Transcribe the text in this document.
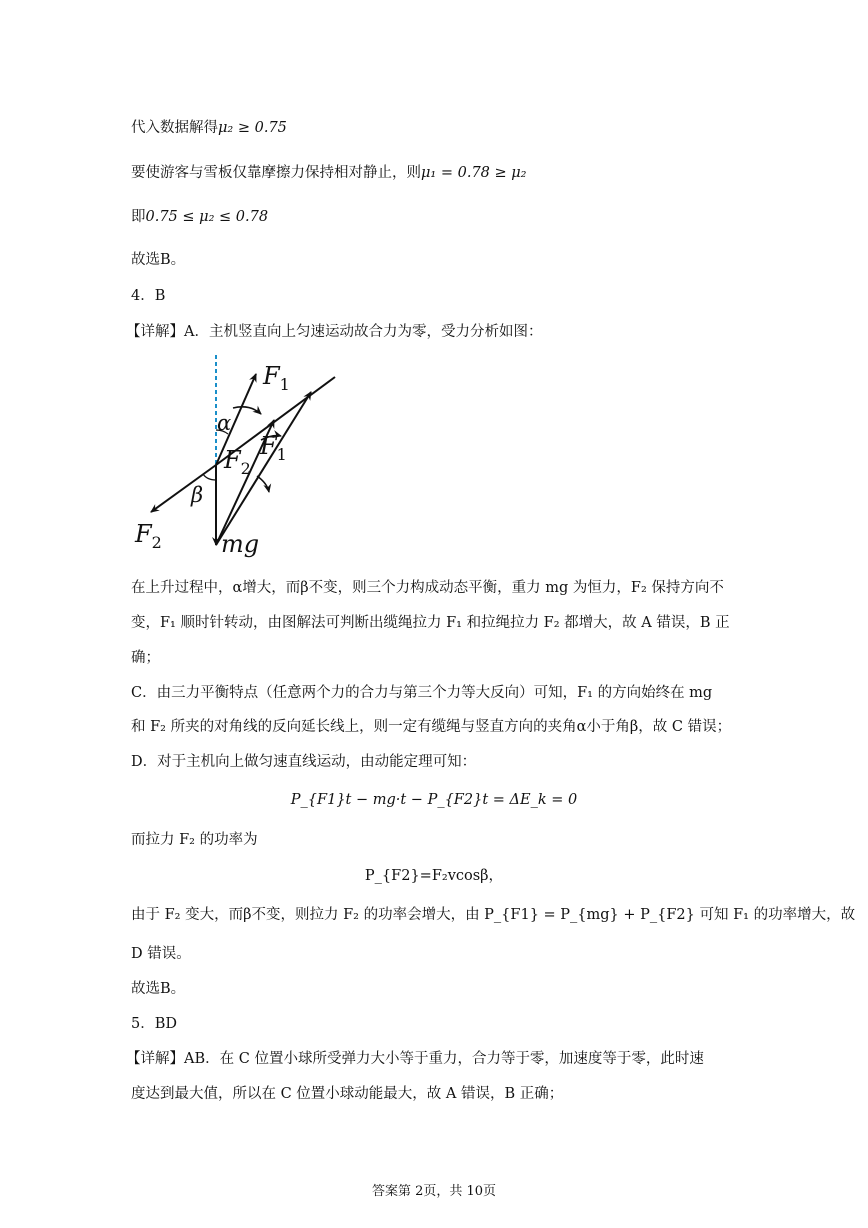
代入数据解得μ₂ ≥ 0.75
要使游客与雪板仅靠摩擦力保持相对静止，则μ₁ = 0.78 ≥ μ₂
即0.75 ≤ μ₂ ≤ 0.78
故选B。
4．B
【详解】A．主机竖直向上匀速运动故合力为零，受力分析如图：
$F_1$
α
$F_2$
$F_1$
β
$F_2$ mg
在上升过程中，α增大，而β不变，则三个力构成动态平衡，重力 mg 为恒力，F₂ 保持方向不
变，F₁ 顺时针转动，由图解法可判断出缆绳拉力 F₁ 和拉绳拉力 F₂ 都增大，故 A 错误，B 正
确；
C．由三力平衡特点（任意两个力的合力与第三个力等大反向）可知，F₁ 的方向始终在 mg
和 F₂ 所夹的对角线的反向延长线上，则一定有缆绳与竖直方向的夹角α小于角β，故 C 错误；
D．对于主机向上做匀速直线运动，由动能定理可知：
P_{F1}t − mg·t − P_{F2}t = ΔE_k = 0
而拉力 F₂ 的功率为
P_{F2}=F₂vcosβ，
由于 F₂ 变大，而β不变，则拉力 F₂ 的功率会增大，由 P_{F1} = P_{mg} + P_{F2} 可知 F₁ 的功率增大，故
D 错误。
故选B。
5．BD
【详解】AB．在 C 位置小球所受弹力大小等于重力，合力等于零，加速度等于零，此时速
度达到最大值，所以在 C 位置小球动能最大，故 A 错误，B 正确；
答案第 2页，共 10页
